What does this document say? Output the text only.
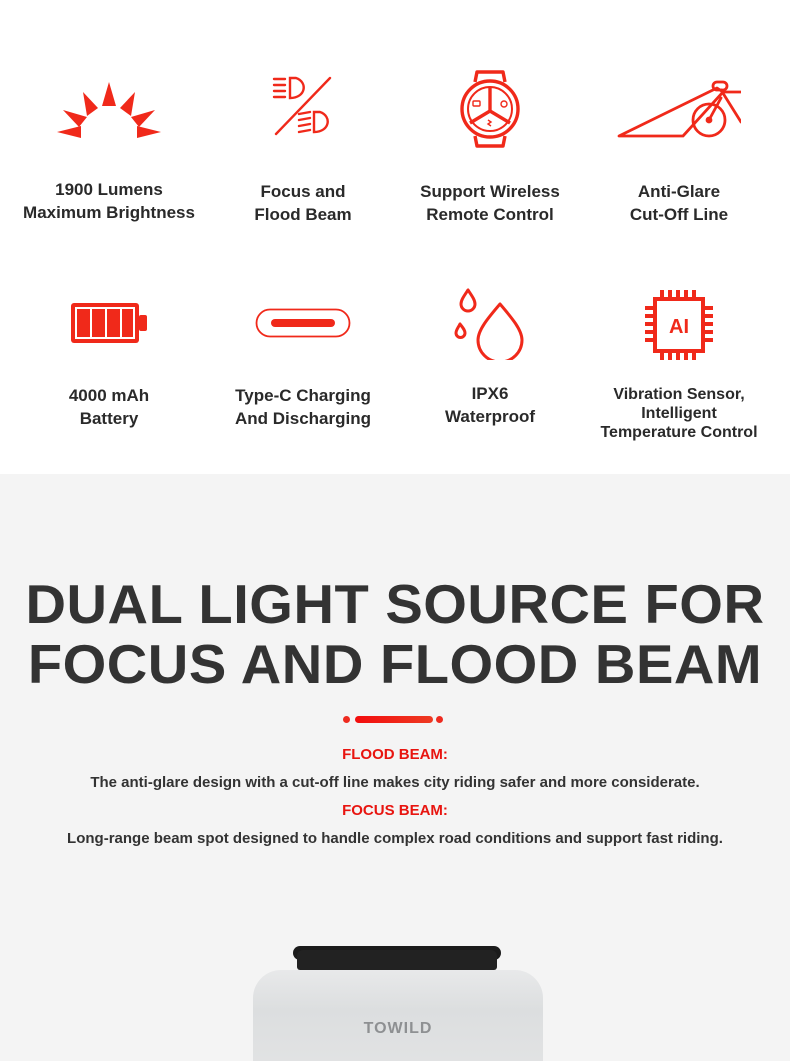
1900 Lumens
Maximum Brightness
Focus and
Flood Beam
Support Wireless
Remote Control
Anti-Glare
Cut-Off Line
4000 mAh
Battery
Type-C Charging
And Discharging
IPX6
Waterproof
AI
Vibration Sensor,
Intelligent
Temperature Control
DUAL LIGHT SOURCE FOR
FOCUS AND FLOOD BEAM
FLOOD BEAM:
The anti-glare design with a cut-off line makes city riding safer and more considerate.
FOCUS BEAM:
Long-range beam spot designed to handle complex road conditions and support fast riding.
TOWILD
